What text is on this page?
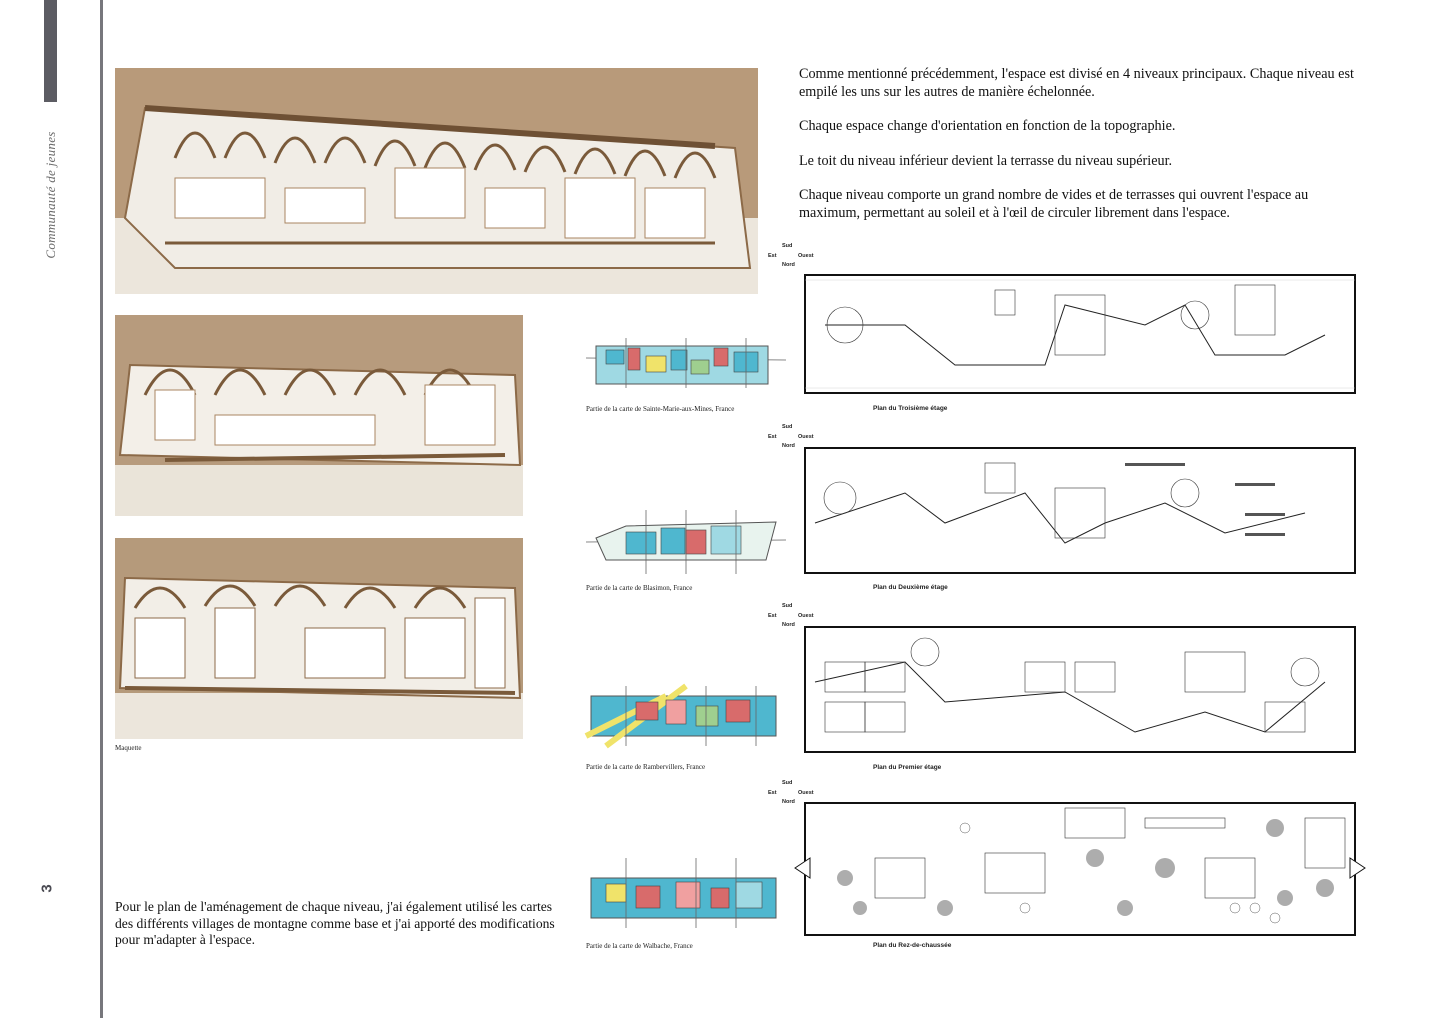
Communauté de jeunes
3
Maquette

Comme mentionné précédemment, l'espace est divisé en 4 niveaux principaux. Chaque niveau est empilé les uns sur les autres de manière échelonnée.

Chaque espace change d'orientation en fonction de la topographie.

Le toit du niveau inférieur devient la terrasse du niveau supérieur.

Chaque niveau comporte un grand nombre de vides et de terrasses qui ouvrent l'espace au maximum, permettant au soleil et à l'œil de circuler librement dans l'espace.

Pour le plan de l'aménagement de chaque niveau, j'ai également utilisé les cartes des différents villages de montagne comme base et j'ai apporté des modifications pour m'adapter à l'espace.
Partie de la carte de Sainte-Marie-aux-Mines, France
Partie de la carte de Blasimon, France
Partie de la carte de Rambervillers, France
Partie de la carte de Walbache, France
Sud
Est	Ouest
Nord
Sud
Est	Ouest
Nord
Sud
Est	Ouest
Nord
Sud
Est	Ouest
Nord
Plan du Troisième étage
Plan du Deuxième étage
Plan du Premier étage
Plan du Rez-de-chaussée
